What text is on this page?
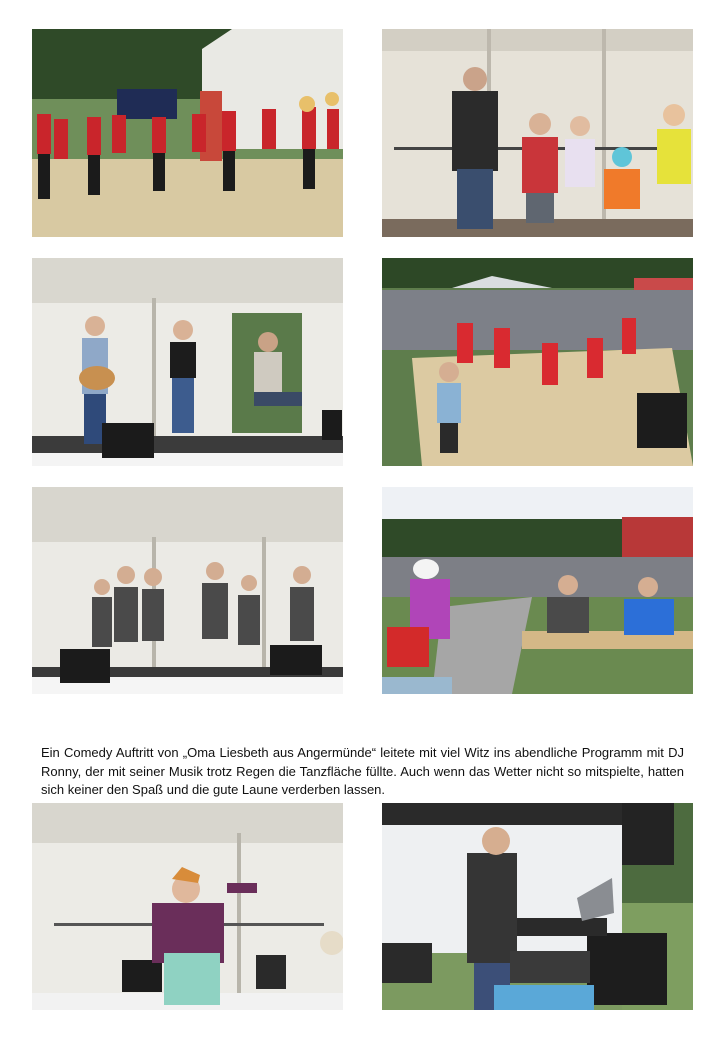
Ein Comedy Auftritt von „Oma Liesbeth aus Angermünde“ leitete mit viel Witz ins abendliche Programm mit DJ Ronny, der mit seiner Musik trotz Regen die Tanzfläche füllte. Auch wenn das Wetter nicht so mitspielte, hatten sich keiner den Spaß und die gute Laune verderben lassen.
